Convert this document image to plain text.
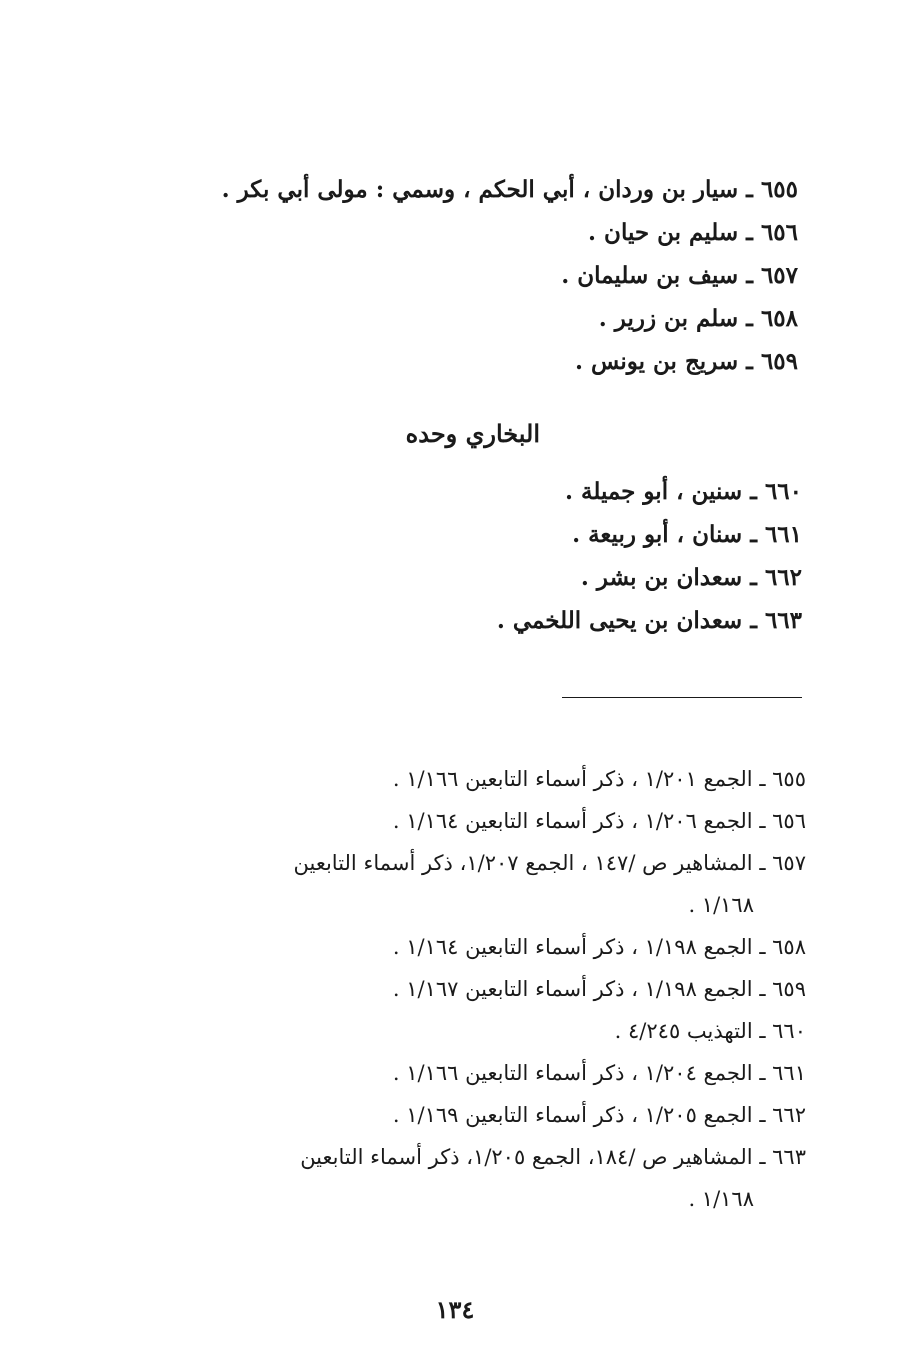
٦٥٥ ـ سيار بن وردان ، أبي الحكم ، وسمي : مولى أبي بكر .
٦٥٦ ـ سليم بن حيان .
٦٥٧ ـ سيف بن سليمان .
٦٥٨ ـ سلم بن زرير .
٦٥٩ ـ سريج بن يونس .
البخاري وحده
٦٦٠ ـ سنين ، أبو جميلة .
٦٦١ ـ سنان ، أبو ربيعة .
٦٦٢ ـ سعدان بن بشر .
٦٦٣ ـ سعدان بن يحيى اللخمي .
٦٥٥ ـ الجمع ١/٢٠١ ، ذكر أسماء التابعين ١/١٦٦ .
٦٥٦ ـ الجمع ١/٢٠٦ ، ذكر أسماء التابعين ١/١٦٤ .
٦٥٧ ـ المشاهير ص /١٤٧ ، الجمع ١/٢٠٧، ذكر أسماء التابعين
١/١٦٨ .
٦٥٨ ـ الجمع ١/١٩٨ ، ذكر أسماء التابعين ١/١٦٤ .
٦٥٩ ـ الجمع ١/١٩٨ ، ذكر أسماء التابعين ١/١٦٧ .
٦٦٠ ـ التهذيب ٤/٢٤٥ .
٦٦١ ـ الجمع ١/٢٠٤ ، ذكر أسماء التابعين ١/١٦٦ .
٦٦٢ ـ الجمع ١/٢٠٥ ، ذكر أسماء التابعين ١/١٦٩ .
٦٦٣ ـ المشاهير ص /١٨٤، الجمع ١/٢٠٥، ذكر أسماء التابعين
١/١٦٨ .
١٣٤
